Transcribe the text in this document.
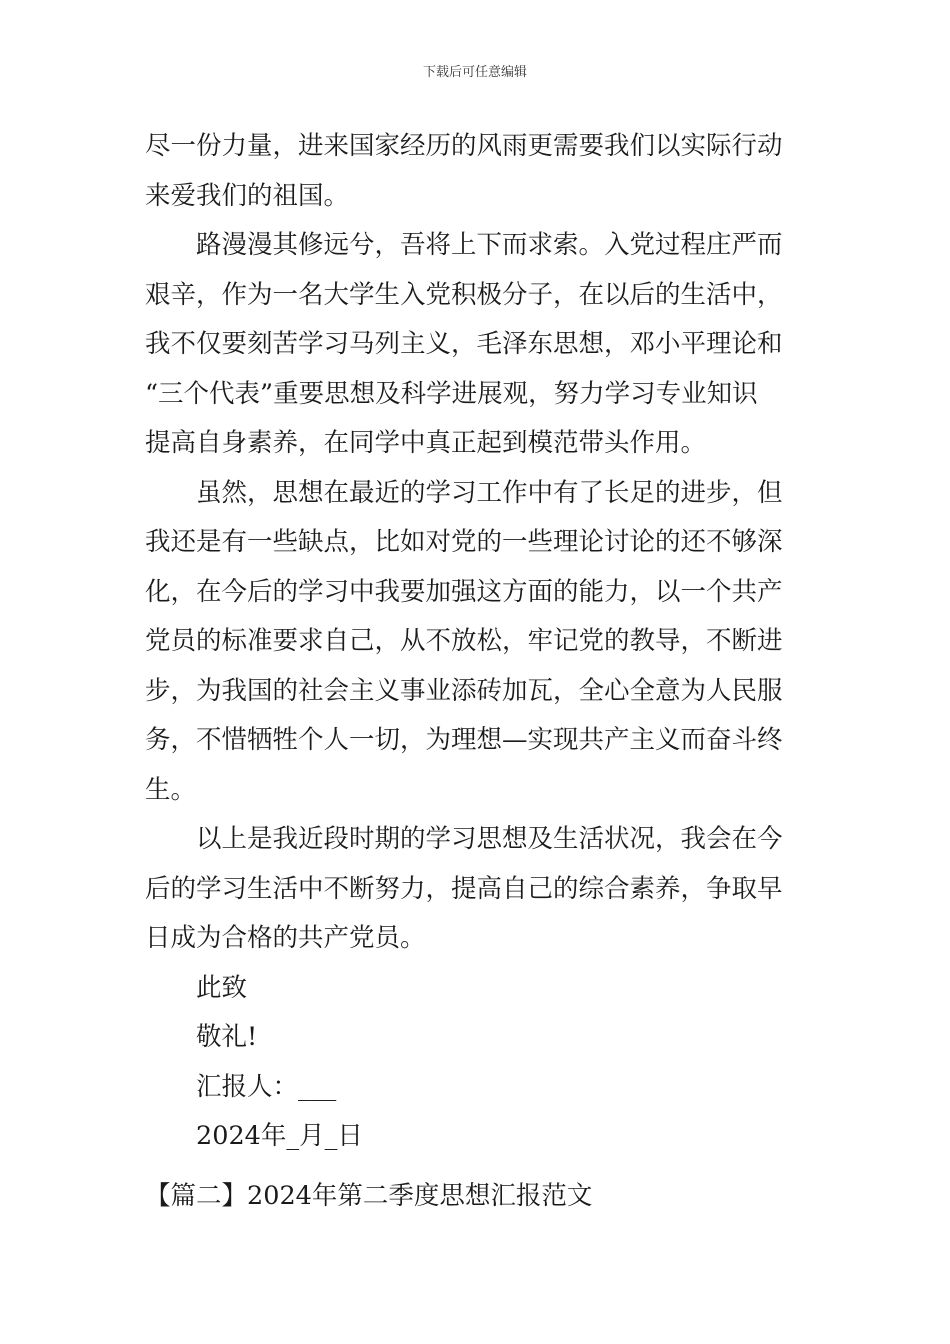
下载后可任意编辑

尽一份力量，进来国家经历的风雨更需要我们以实际行动
来爱我们的祖国。

路漫漫其修远兮，吾将上下而求索。入党过程庄严而
艰辛，作为一名大学生入党积极分子，在以后的生活中，
我不仅要刻苦学习马列主义，毛泽东思想，邓小平理论和
“三个代表”重要思想及科学进展观，努力学习专业知识
提高自身素养，在同学中真正起到模范带头作用。

虽然，思想在最近的学习工作中有了长足的进步，但
我还是有一些缺点，比如对党的一些理论讨论的还不够深
化，在今后的学习中我要加强这方面的能力，以一个共产
党员的标准要求自己，从不放松，牢记党的教导，不断进
步，为我国的社会主义事业添砖加瓦，全心全意为人民服
务，不惜牺牲个人一切，为理想—实现共产主义而奋斗终
生。

以上是我近段时期的学习思想及生活状况，我会在今
后的学习生活中不断努力，提高自己的综合素养，争取早
日成为合格的共产党员。

此致

敬礼!

汇报人：___

2024年_月_日

【篇二】2024年第二季度思想汇报范文
